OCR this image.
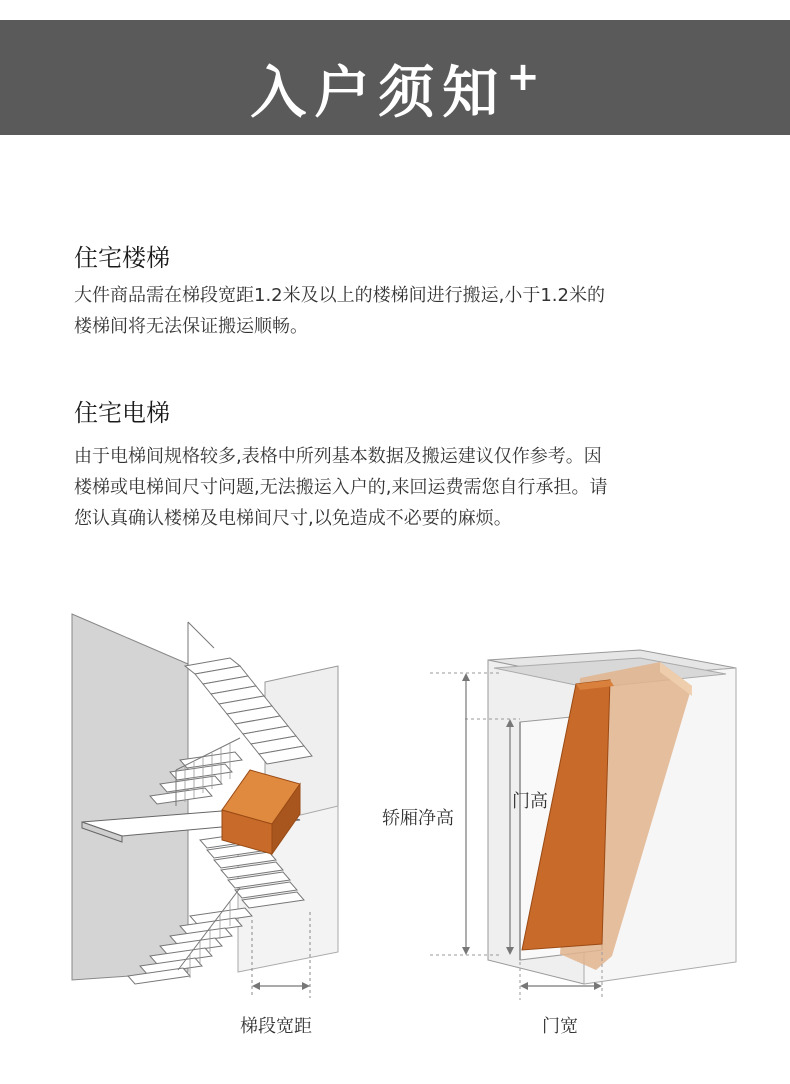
入户须知+
住宅楼梯
大件商品需在梯段宽距1.2米及以上的楼梯间进行搬运,小于1.2米的
楼梯间将无法保证搬运顺畅。
住宅电梯
由于电梯间规格较多,表格中所列基本数据及搬运建议仅作参考。因
楼梯或电梯间尺寸问题,无法搬运入户的,来回运费需您自行承担。请
您认真确认楼梯及电梯间尺寸,以免造成不必要的麻烦。
梯段宽距
轿厢净高
门高
门宽
